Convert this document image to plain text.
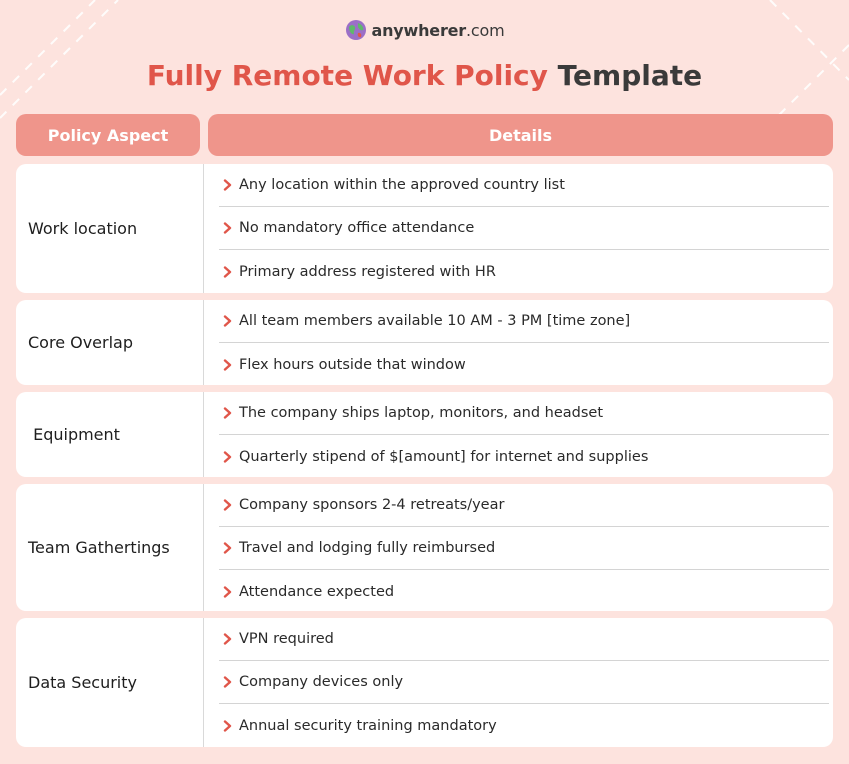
anywherer.com
Fully Remote Work Policy Template
Policy Aspect	Details
Work location
Any location within the approved country list
No mandatory office attendance
Primary address registered with HR
Core Overlap
All team members available 10 AM - 3 PM [time zone]
Flex hours outside that window
Equipment
The company ships laptop, monitors, and headset
Quarterly stipend of $[amount] for internet and supplies
Team Gathertings
Company sponsors 2-4 retreats/year
Travel and lodging fully reimbursed
Attendance expected
Data Security
VPN required
Company devices only
Annual security training mandatory
